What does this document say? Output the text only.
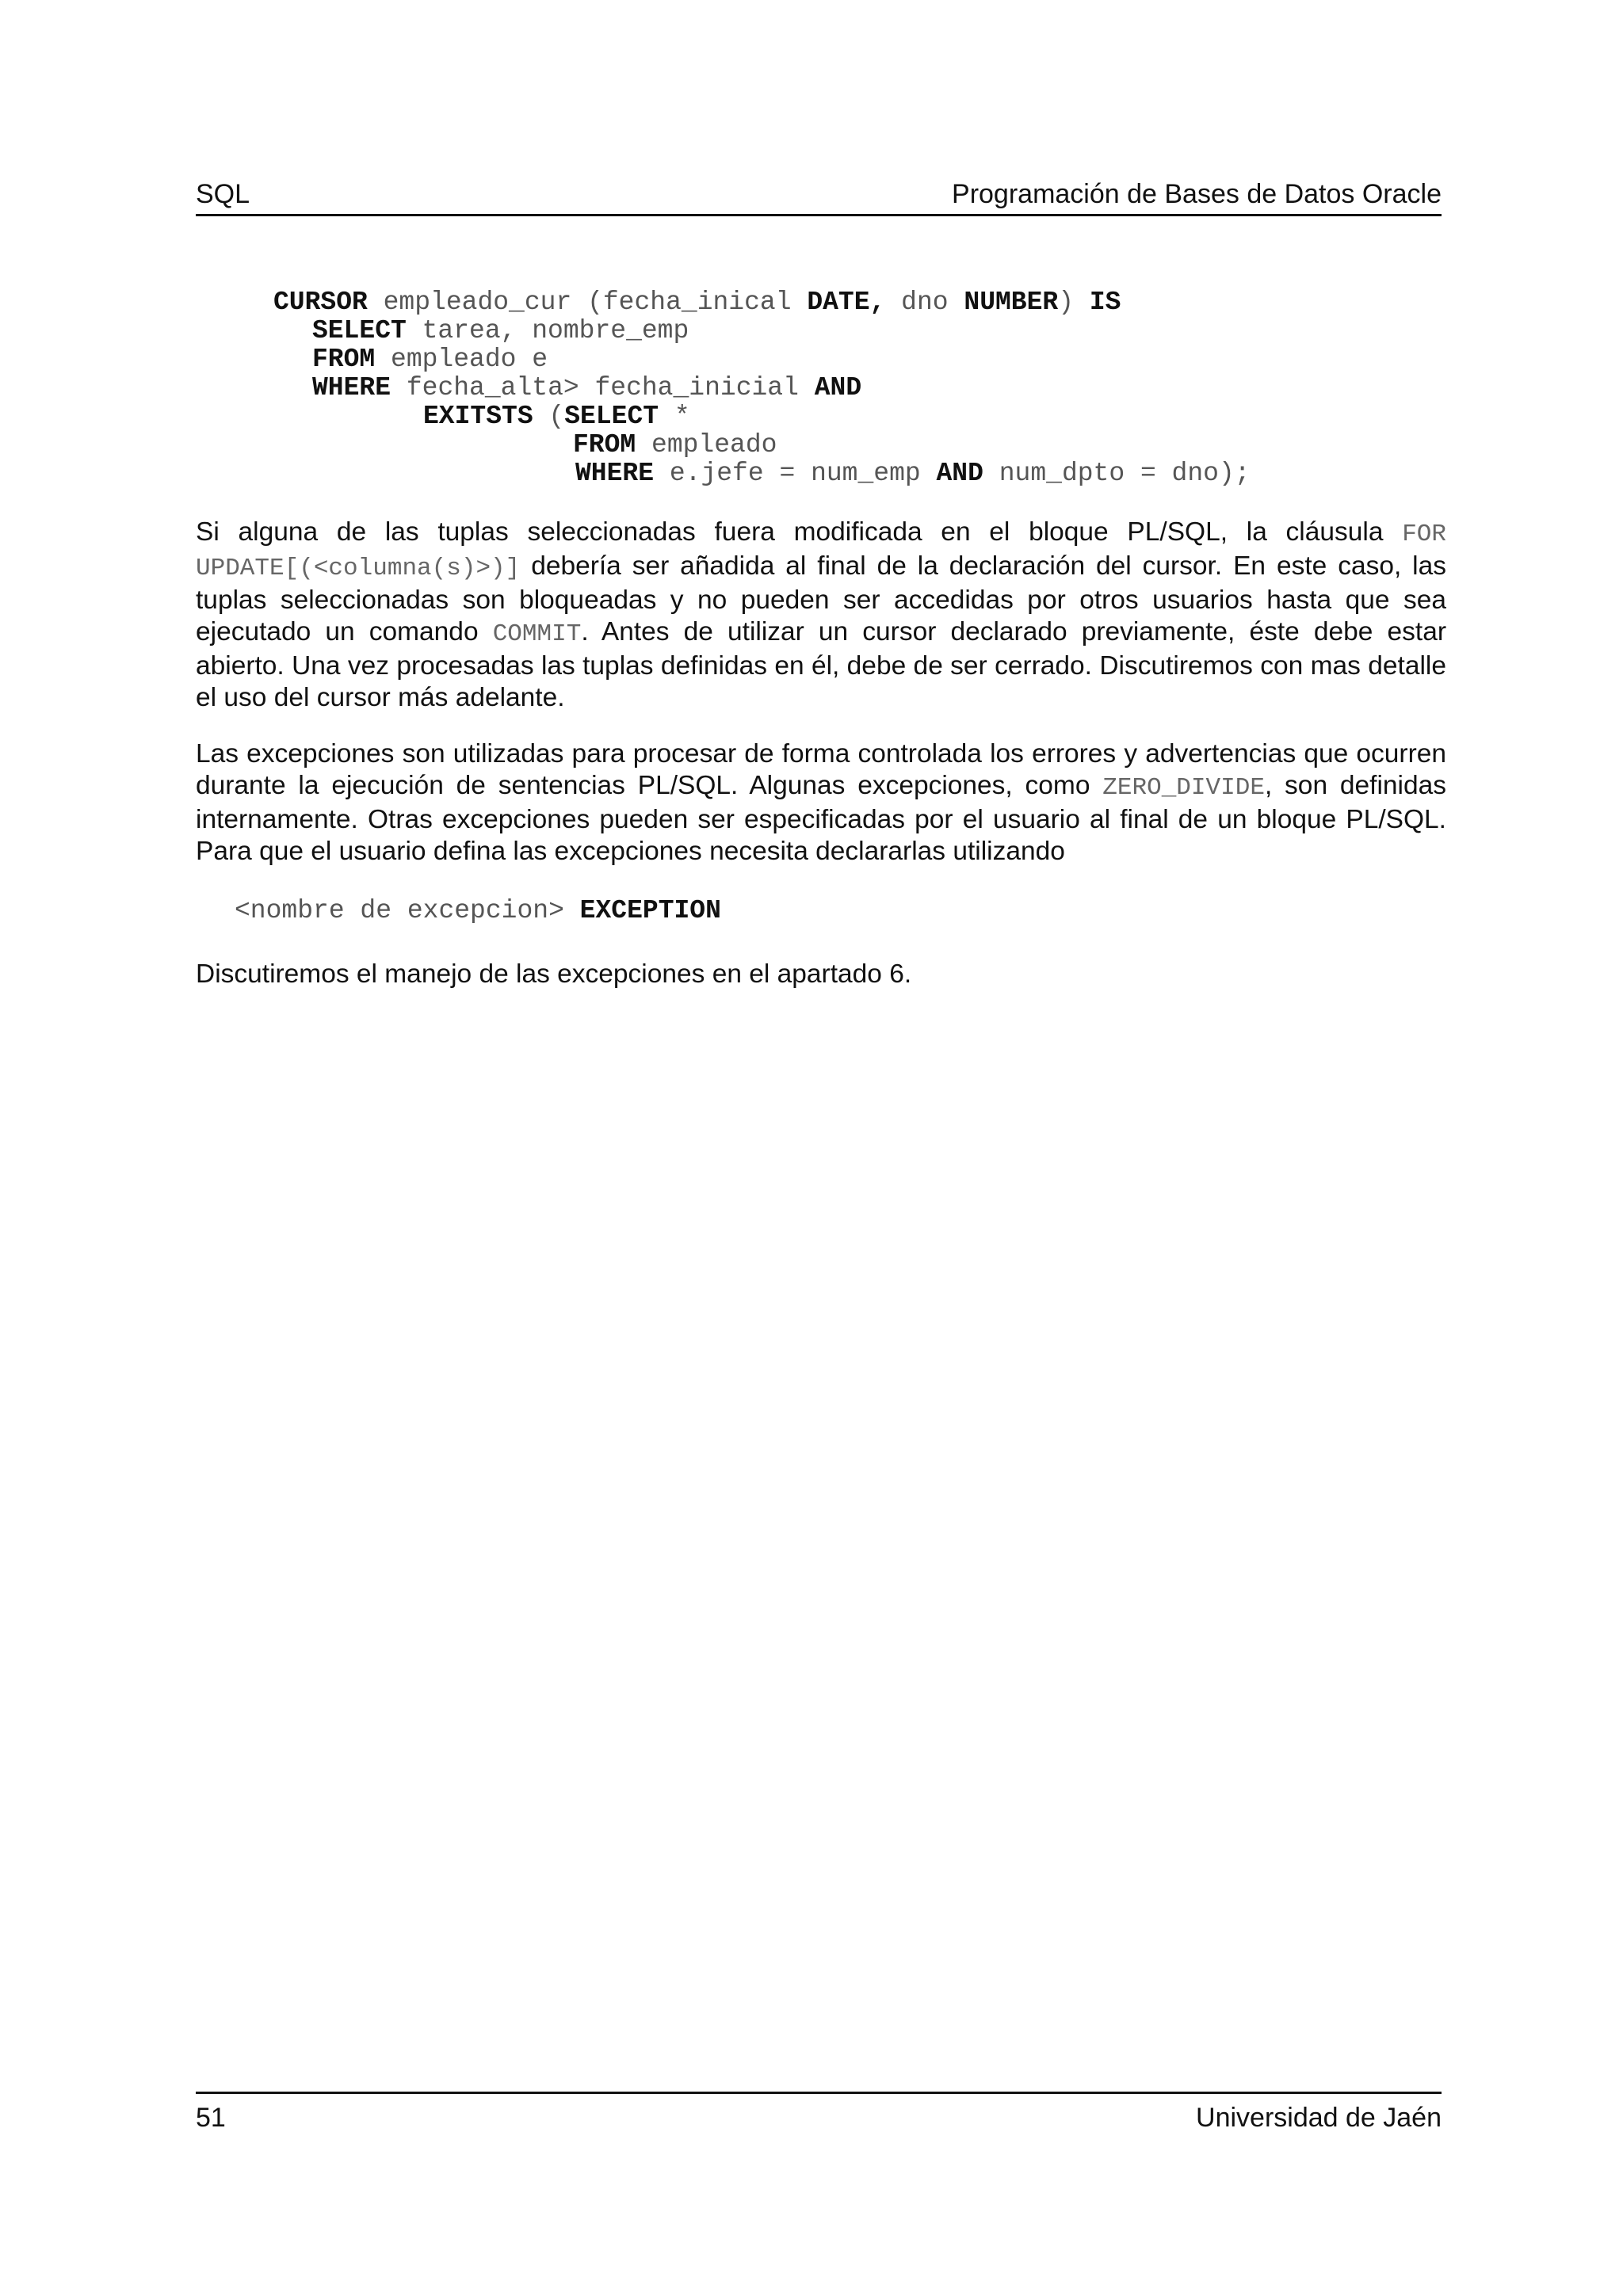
SQL	Programación de Bases de Datos Oracle
CURSOR empleado_cur (fecha_inical DATE, dno NUMBER) IS
SELECT tarea, nombre_emp
FROM empleado e
WHERE fecha_alta> fecha_inicial AND
EXITSTS (SELECT *
FROM empleado
WHERE e.jefe = num_emp AND num_dpto = dno);

Si alguna de las tuplas seleccionadas fuera modificada en el bloque PL/SQL, la cláusula FOR UPDATE[(<columna(s)>)] debería ser añadida al final de la declaración del cursor. En este caso, las tuplas seleccionadas son bloqueadas y no pueden ser accedidas por otros usuarios hasta que sea ejecutado un comando COMMIT. Antes de utilizar un cursor declarado previamente, éste debe estar abierto. Una vez procesadas las tuplas definidas en él, debe de ser cerrado. Discutiremos con mas detalle el uso del cursor más adelante.

Las excepciones son utilizadas para procesar de forma controlada los errores y advertencias que ocurren durante la ejecución de sentencias PL/SQL. Algunas excepciones, como ZERO_DIVIDE, son definidas internamente. Otras excepciones pueden ser especificadas por el usuario al final de un bloque PL/SQL. Para que el usuario defina las excepciones necesita declararlas utilizando

<nombre de excepcion> EXCEPTION

Discutiremos el manejo de las excepciones en el apartado 6.

51	Universidad de Jaén
